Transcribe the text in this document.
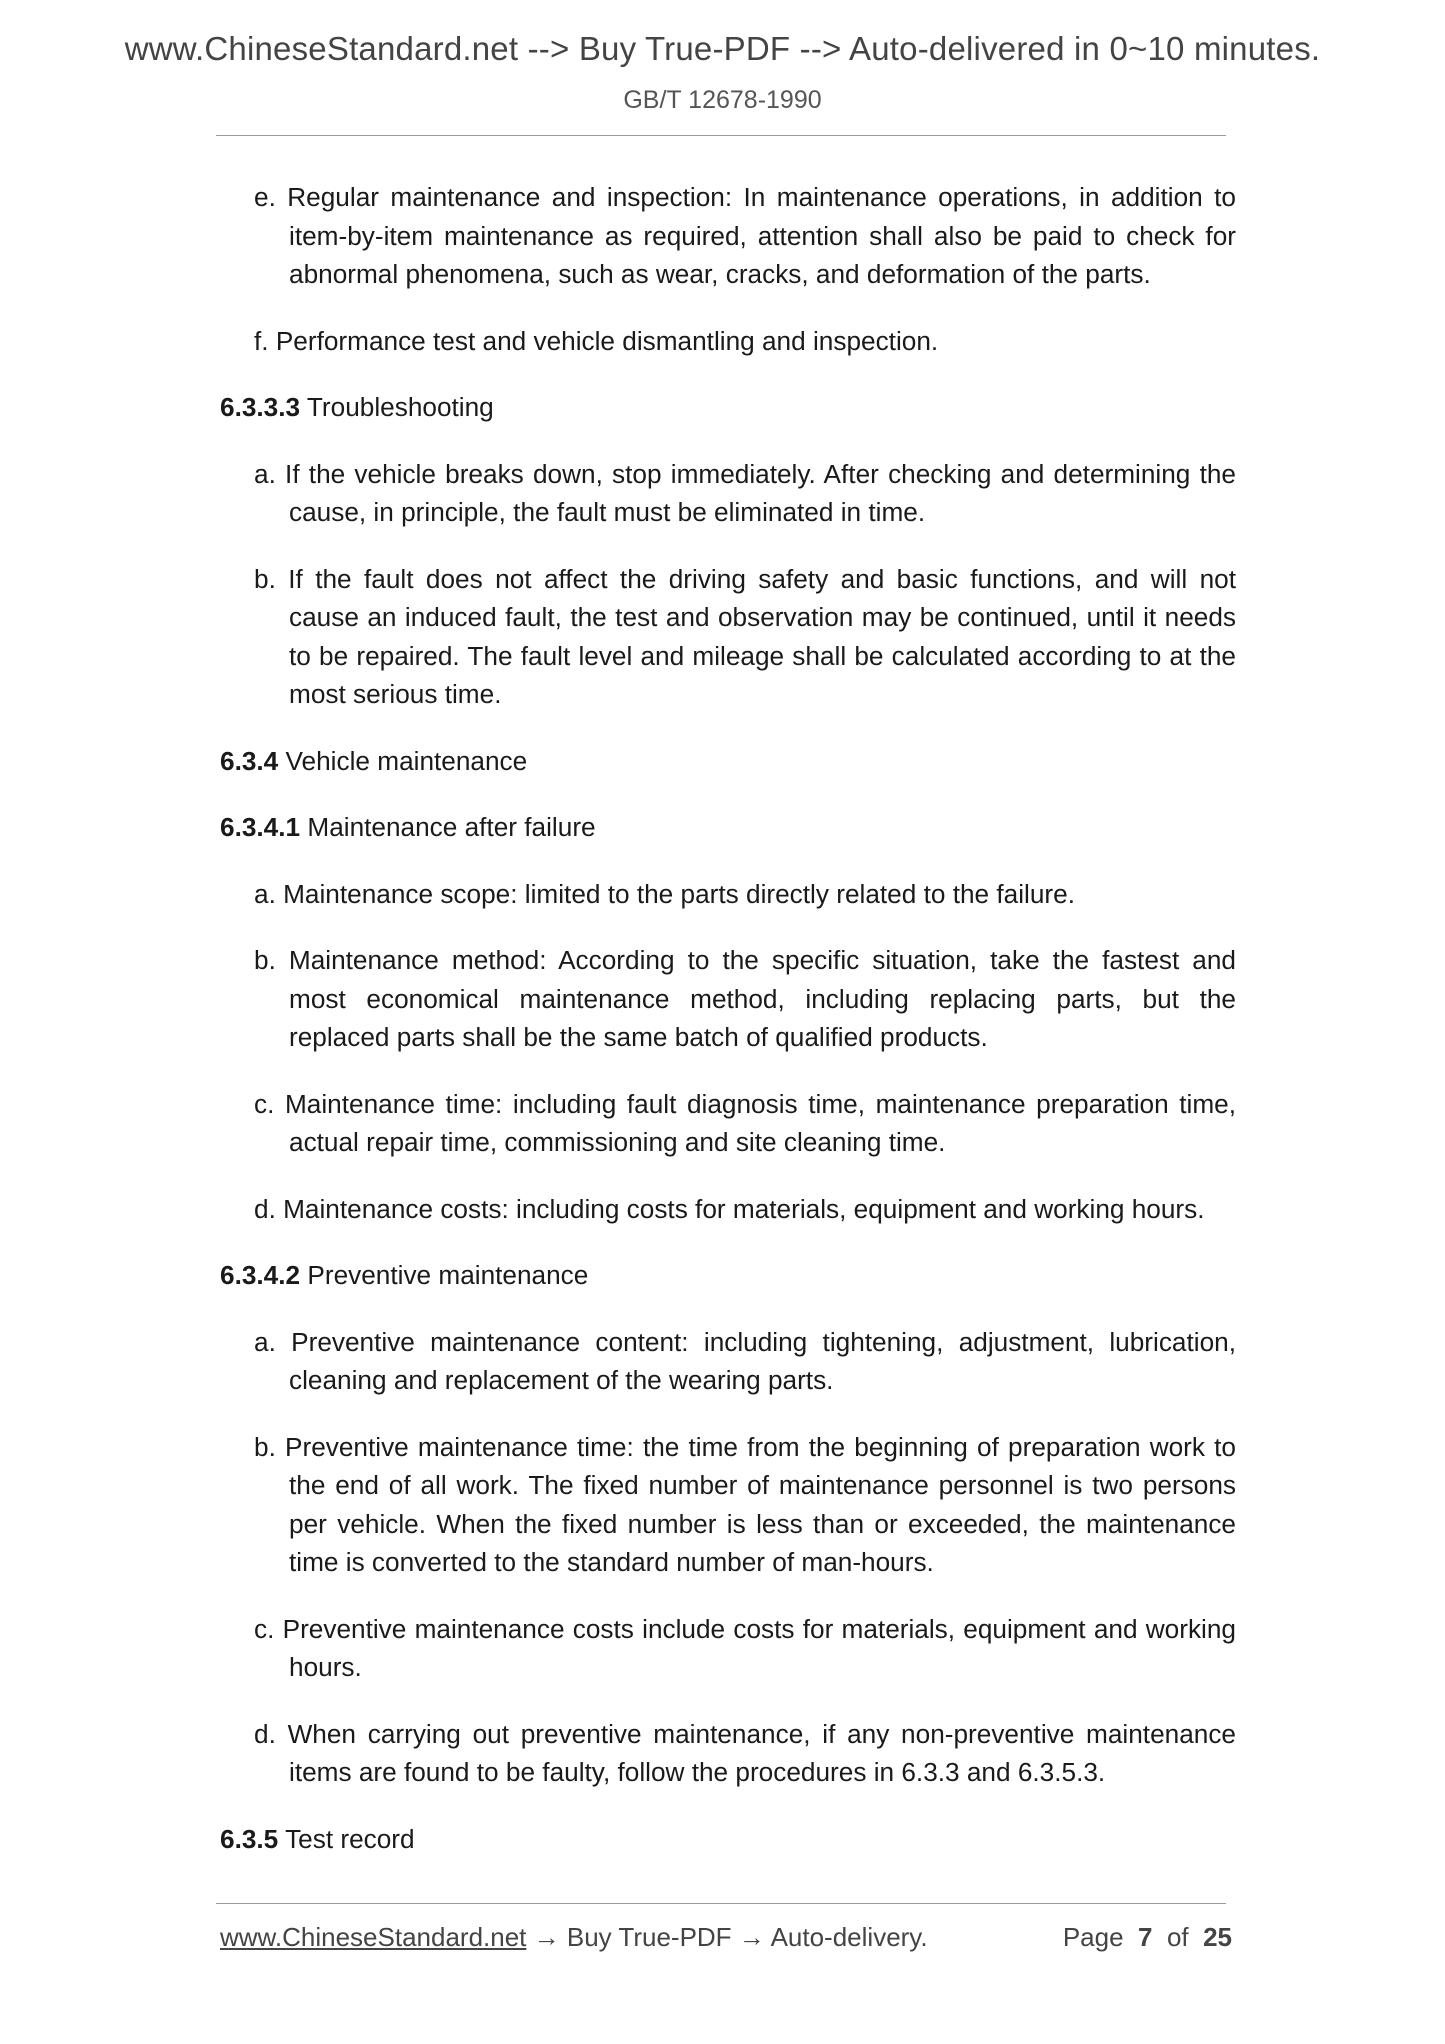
www.ChineseStandard.net --> Buy True-PDF --> Auto-delivered in 0~10 minutes.
GB/T 12678-1990

e. Regular maintenance and inspection: In maintenance operations, in addition to item-by-item maintenance as required, attention shall also be paid to check for abnormal phenomena, such as wear, cracks, and deformation of the parts.

f. Performance test and vehicle dismantling and inspection.

6.3.3.3 Troubleshooting

a. If the vehicle breaks down, stop immediately. After checking and determining the cause, in principle, the fault must be eliminated in time.

b. If the fault does not affect the driving safety and basic functions, and will not cause an induced fault, the test and observation may be continued, until it needs to be repaired. The fault level and mileage shall be calculated according to at the most serious time.

6.3.4 Vehicle maintenance

6.3.4.1 Maintenance after failure

a. Maintenance scope: limited to the parts directly related to the failure.

b. Maintenance method: According to the specific situation, take the fastest and most economical maintenance method, including replacing parts, but the replaced parts shall be the same batch of qualified products.

c. Maintenance time: including fault diagnosis time, maintenance preparation time, actual repair time, commissioning and site cleaning time.

d. Maintenance costs: including costs for materials, equipment and working hours.

6.3.4.2 Preventive maintenance

a. Preventive maintenance content: including tightening, adjustment, lubrication, cleaning and replacement of the wearing parts.

b. Preventive maintenance time: the time from the beginning of preparation work to the end of all work. The fixed number of maintenance personnel is two persons per vehicle. When the fixed number is less than or exceeded, the maintenance time is converted to the standard number of man-hours.

c. Preventive maintenance costs include costs for materials, equipment and working hours.

d. When carrying out preventive maintenance, if any non-preventive maintenance items are found to be faulty, follow the procedures in 6.3.3 and 6.3.5.3.

6.3.5 Test record

www.ChineseStandard.net → Buy True-PDF → Auto-delivery.	Page 7 of 25
